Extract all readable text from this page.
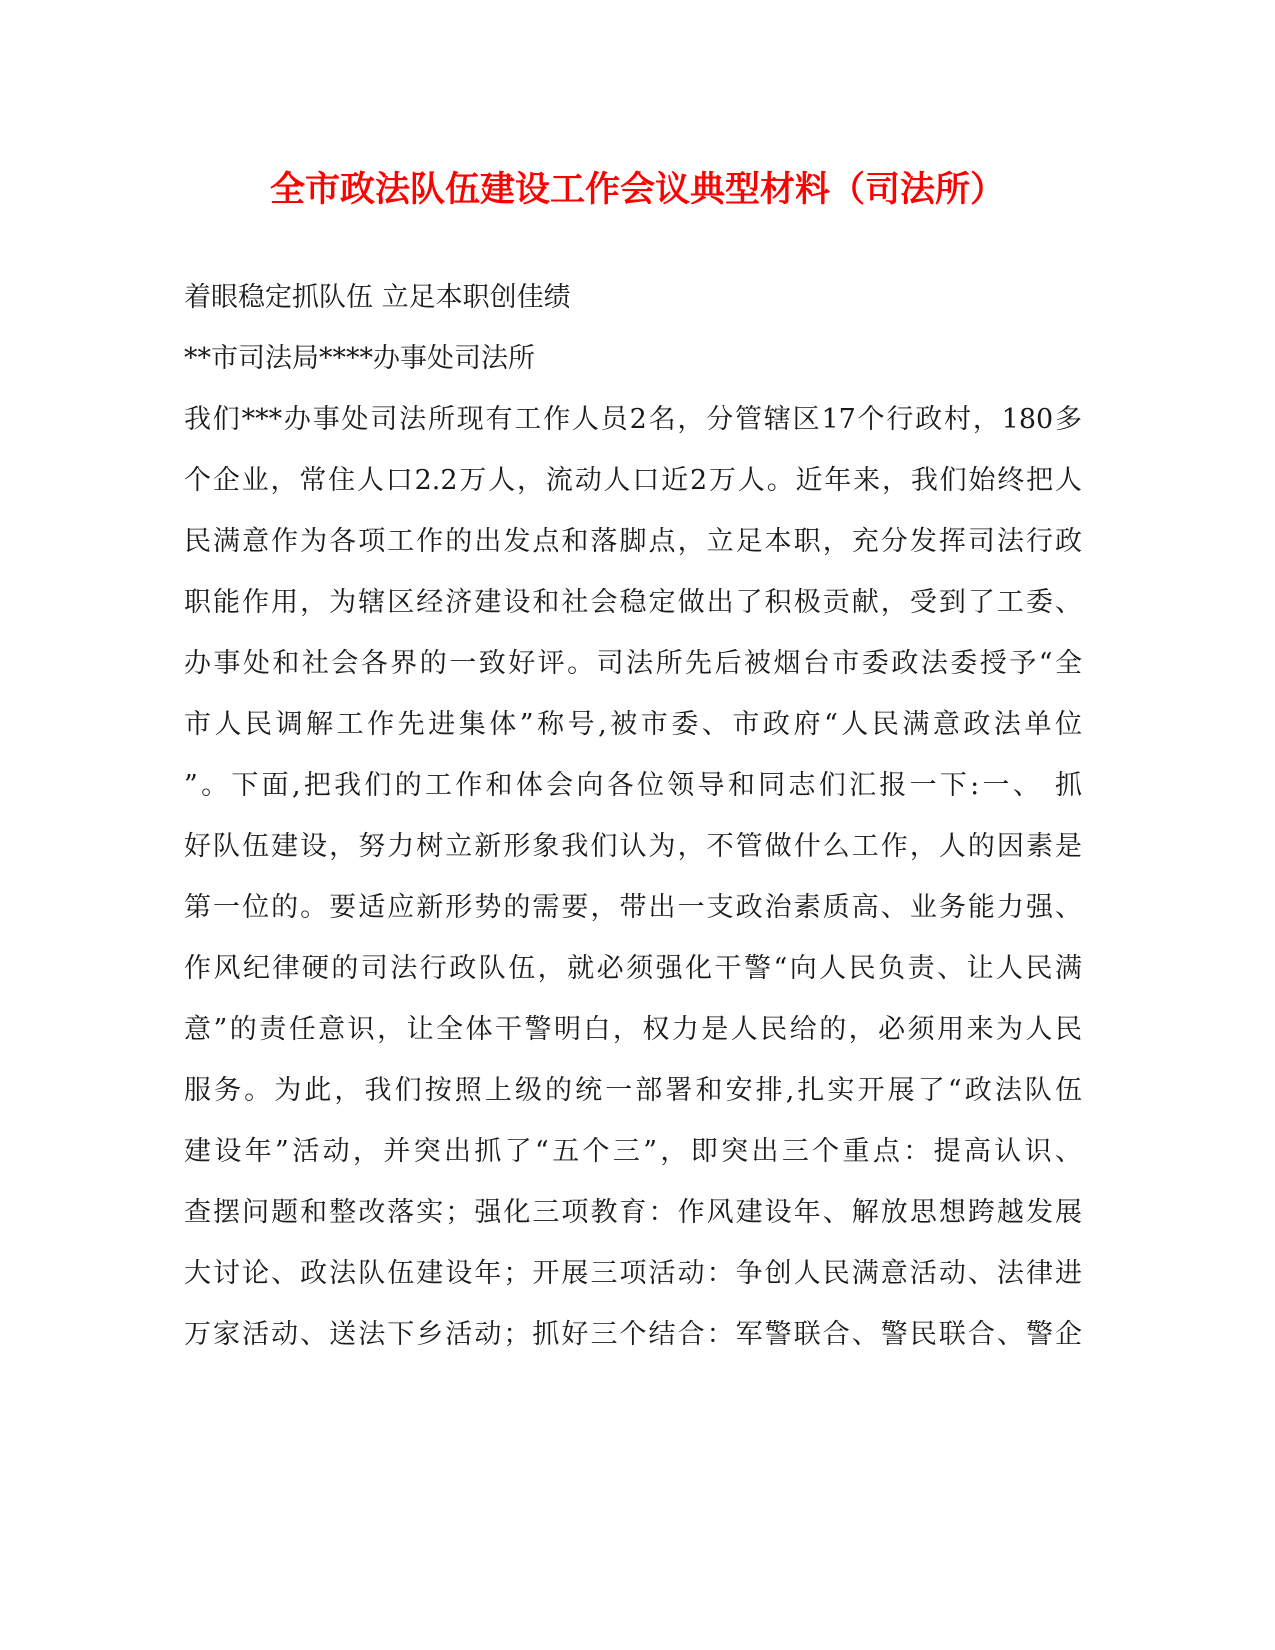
全市政法队伍建设工作会议典型材料（司法所）
着眼稳定抓队伍 立足本职创佳绩
**市司法局****办事处司法所
我们***办事处司法所现有工作人员2名，分管辖区17个行政村，180多
个企业，常住人口2.2万人，流动人口近2万人。近年来，我们始终把人
民满意作为各项工作的出发点和落脚点，立足本职，充分发挥司法行政
职能作用，为辖区经济建设和社会稳定做出了积极贡献，受到了工委、
办事处和社会各界的一致好评。司法所先后被烟台市委政法委授予“全
市人民调解工作先进集体”称号,被市委、市政府“人民满意政法单位
”。下面,把我们的工作和体会向各位领导和同志们汇报一下:一、 抓
好队伍建设，努力树立新形象我们认为，不管做什么工作，人的因素是
第一位的。要适应新形势的需要，带出一支政治素质高、业务能力强、
作风纪律硬的司法行政队伍，就必须强化干警“向人民负责、让人民满
意”的责任意识，让全体干警明白，权力是人民给的，必须用来为人民
服务。为此，我们按照上级的统一部署和安排,扎实开展了“政法队伍
建设年”活动，并突出抓了“五个三”，即突出三个重点：提高认识、
查摆问题和整改落实；强化三项教育：作风建设年、解放思想跨越发展
大讨论、政法队伍建设年；开展三项活动：争创人民满意活动、法律进
万家活动、送法下乡活动；抓好三个结合：军警联合、警民联合、警企
